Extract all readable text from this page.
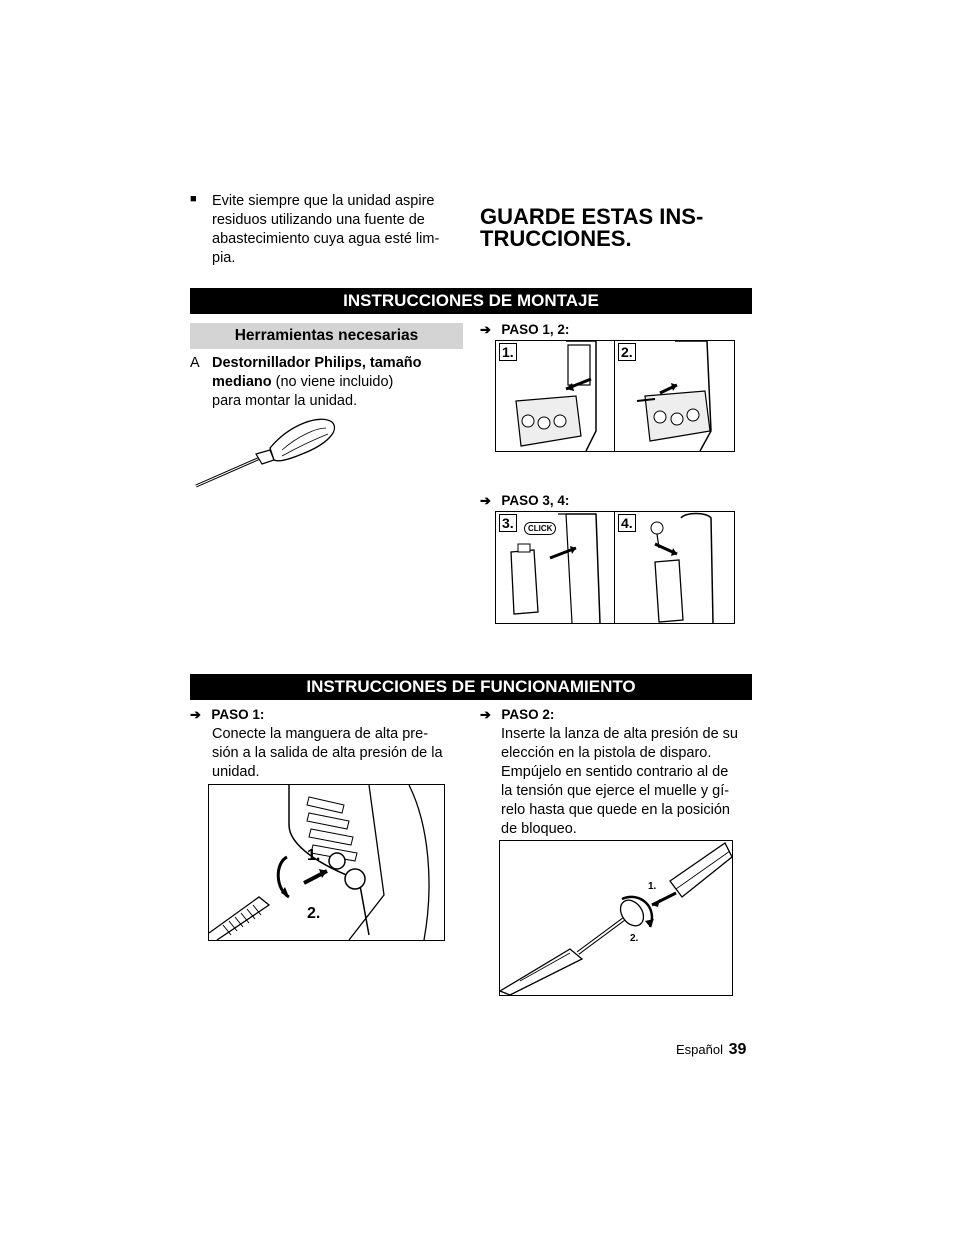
■ Evite siempre que la unidad aspire
residuos utilizando una fuente de
abastecimiento cuya agua esté lim-
pia.
GUARDE ESTAS INS-
TRUCCIONES.
INSTRUCCIONES DE MONTAJE
Herramientas necesarias
A Destornillador Philips, tamaño
mediano (no viene incluido)
para montar la unidad.
➔ PASO 1, 2:
1.	2.
➔ PASO 3, 4:
3.	CLICK	4.
INSTRUCCIONES DE FUNCIONAMIENTO
➔ PASO 1:
Conecte la manguera de alta pre-
sión a la salida de alta presión de la
unidad.
1.
2.
➔ PASO 2:
Inserte la lanza de alta presión de su
elección en la pistola de disparo.
Empújelo en sentido contrario al de
la tensión que ejerce el muelle y gí-
relo hasta que quede en la posición
de bloqueo.
1.
2.
Español 39
